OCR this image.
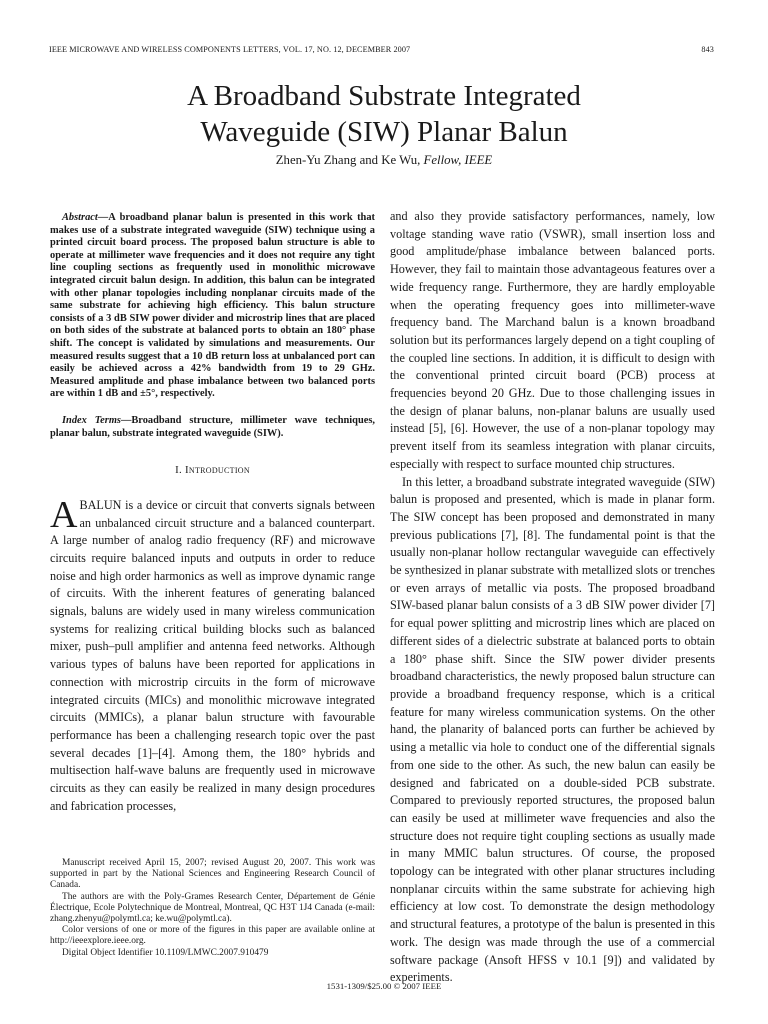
IEEE MICROWAVE AND WIRELESS COMPONENTS LETTERS, VOL. 17, NO. 12, DECEMBER 2007	843
A Broadband Substrate Integrated
Waveguide (SIW) Planar Balun
Zhen-Yu Zhang and Ke Wu, Fellow, IEEE

Abstract—A broadband planar balun is presented in this work that makes use of a substrate integrated waveguide (SIW) technique using a printed circuit board process. The proposed balun structure is able to operate at millimeter wave frequencies and it does not require any tight line coupling sections as frequently used in monolithic microwave integrated circuit balun design. In addition, this balun can be integrated with other planar topologies including nonplanar circuits made of the same substrate for achieving high efficiency. This balun structure consists of a 3 dB SIW power divider and microstrip lines that are placed on both sides of the substrate at balanced ports to obtain an 180° phase shift. The concept is validated by simulations and measurements. Our measured results suggest that a 10 dB return loss at unbalanced port can easily be achieved across a 42% bandwidth from 19 to 29 GHz. Measured amplitude and phase imbalance between two balanced ports are within 1 dB and ±5°, respectively.

Index Terms—Broadband structure, millimeter wave techniques, planar balun, substrate integrated waveguide (SIW).

I. Introduction

ABALUN is a device or circuit that converts signals between an unbalanced circuit structure and a balanced counterpart. A large number of analog radio frequency (RF) and microwave circuits require balanced inputs and outputs in order to reduce noise and high order harmonics as well as improve dynamic range of circuits. With the inherent features of generating balanced signals, baluns are widely used in many wireless communication systems for realizing critical building blocks such as balanced mixer, push–pull amplifier and antenna feed networks. Although various types of baluns have been reported for applications in connection with microstrip circuits in the form of microwave integrated circuits (MICs) and monolithic microwave integrated circuits (MMICs), a planar balun structure with favourable performance has been a challenging research topic over the past several decades [1]–[4]. Among them, the 180° hybrids and multisection half-wave baluns are frequently used in microwave circuits as they can easily be realized in many design procedures and fabrication processes,

Manuscript received April 15, 2007; revised August 20, 2007. This work was supported in part by the National Sciences and Engineering Research Council of Canada.

The authors are with the Poly-Grames Research Center, Département de Génie Électrique, Ecole Polytechnique de Montreal, Montreal, QC H3T 1J4 Canada (e-mail: zhang.zhenyu@polymtl.ca; ke.wu@polymtl.ca).

Color versions of one or more of the figures in this paper are available online at http://ieeexplore.ieee.org.

Digital Object Identifier 10.1109/LMWC.2007.910479

and also they provide satisfactory performances, namely, low voltage standing wave ratio (VSWR), small insertion loss and good amplitude/phase imbalance between balanced ports. However, they fail to maintain those advantageous features over a wide frequency range. Furthermore, they are hardly employable when the operating frequency goes into millimeter-wave frequency band. The Marchand balun is a known broadband solution but its performances largely depend on a tight coupling of the coupled line sections. In addition, it is difficult to design with the conventional printed circuit board (PCB) process at frequencies beyond 20 GHz. Due to those challenging issues in the design of planar baluns, non-planar baluns are usually used instead [5], [6]. However, the use of a non-planar topology may prevent itself from its seamless integration with planar circuits, especially with respect to surface mounted chip structures.

In this letter, a broadband substrate integrated waveguide (SIW) balun is proposed and presented, which is made in planar form. The SIW concept has been proposed and demonstrated in many previous publications [7], [8]. The fundamental point is that the usually non-planar hollow rectangular waveguide can effectively be synthesized in planar substrate with metallized slots or trenches or even arrays of metallic via posts. The proposed broadband SIW-based planar balun consists of a 3 dB SIW power divider [7] for equal power splitting and microstrip lines which are placed on different sides of a dielectric substrate at balanced ports to obtain a 180° phase shift. Since the SIW power divider presents broadband characteristics, the newly proposed balun structure can provide a broadband frequency response, which is a critical feature for many wireless communication systems. On the other hand, the planarity of balanced ports can further be achieved by using a metallic via hole to conduct one of the differential signals from one side to the other. As such, the new balun can easily be designed and fabricated on a double-sided PCB substrate. Compared to previously reported structures, the proposed balun can easily be used at millimeter wave frequencies and also the structure does not require tight coupling sections as usually made in many MMIC balun structures. Of course, the proposed topology can be integrated with other planar structures including nonplanar circuits within the same substrate for achieving high efficiency at low cost. To demonstrate the design methodology and structural features, a prototype of the balun is presented in this work. The design was made through the use of a commercial software package (Ansoft HFSS v 10.1 [9]) and validated by experiments.

1531-1309/$25.00 © 2007 IEEE
